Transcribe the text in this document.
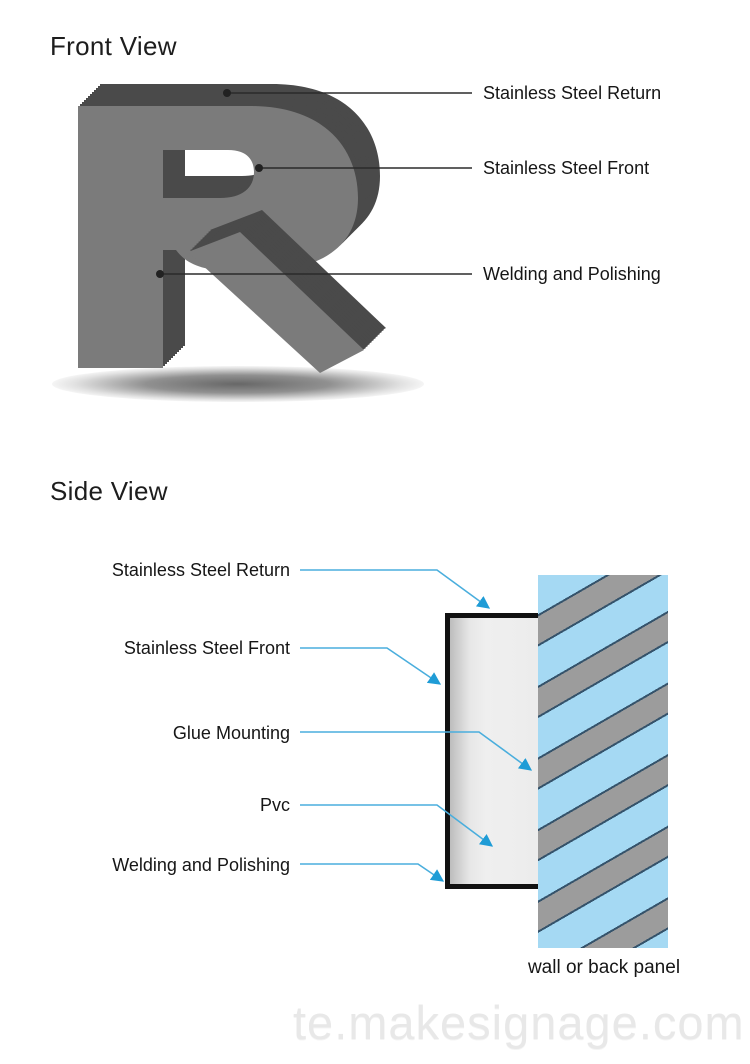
Front View
Stainless Steel Return
Stainless Steel Front
Welding and Polishing
Side View
Stainless Steel Return
Stainless Steel Front
Glue Mounting
Pvc
Welding and Polishing
wall or back panel
te.makesignage.com
